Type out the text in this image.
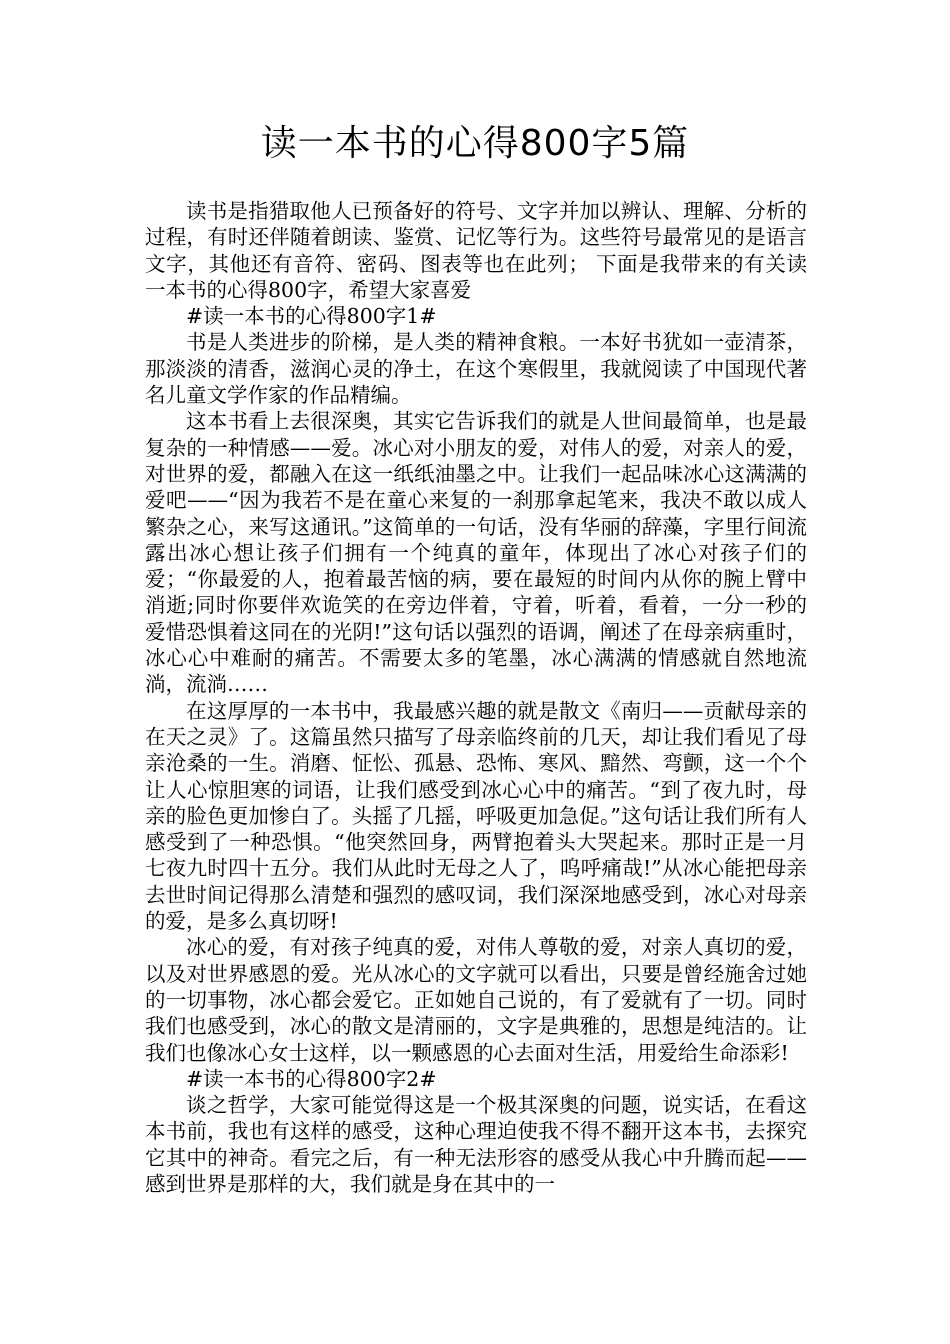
读一本书的心得800字5篇

读书是指猎取他人已预备好的符号、文字并加以辨认、理解、分析的过程，有时还伴随着朗读、鉴赏、记忆等行为。这些符号最常见的是语言文字，其他还有音符、密码、图表等也在此列； 下面是我带来的有关读一本书的心得800字，希望大家喜爱

#读一本书的心得800字1#

书是人类进步的阶梯，是人类的精神食粮。一本好书犹如一壶清茶，那淡淡的清香，滋润心灵的净土，在这个寒假里，我就阅读了中国现代著名儿童文学作家的作品精编。

这本书看上去很深奥，其实它告诉我们的就是人世间最简单，也是最复杂的一种情感——爱。冰心对小朋友的爱，对伟人的爱，对亲人的爱，对世界的爱，都融入在这一纸纸油墨之中。让我们一起品味冰心这满满的爱吧——“因为我若不是在童心来复的一刹那拿起笔来，我决不敢以成人繁杂之心，来写这通讯。”这简单的一句话，没有华丽的辞藻，字里行间流露出冰心想让孩子们拥有一个纯真的童年，体现出了冰心对孩子们的爱；“你最爱的人，抱着最苦恼的病，要在最短的时间内从你的腕上臂中消逝;同时你要伴欢诡笑的在旁边伴着，守着，听着，看着，一分一秒的爱惜恐惧着这同在的光阴!”这句话以强烈的语调，阐述了在母亲病重时，冰心心中难耐的痛苦。不需要太多的笔墨，冰心满满的情感就自然地流淌，流淌……

在这厚厚的一本书中，我最感兴趣的就是散文《南归——贡献母亲的在天之灵》了。这篇虽然只描写了母亲临终前的几天，却让我们看见了母亲沧桑的一生。消磨、怔忪、孤悬、恐怖、寒风、黯然、弯颤，这一个个让人心惊胆寒的词语，让我们感受到冰心心中的痛苦。“到了夜九时，母亲的脸色更加惨白了。头摇了几摇，呼吸更加急促。”这句话让我们所有人感受到了一种恐惧。“他突然回身，两臂抱着头大哭起来。那时正是一月七夜九时四十五分。我们从此时无母之人了，呜呼痛哉!”从冰心能把母亲去世时间记得那么清楚和强烈的感叹词，我们深深地感受到，冰心对母亲的爱，是多么真切呀!

冰心的爱，有对孩子纯真的爱，对伟人尊敬的爱，对亲人真切的爱，以及对世界感恩的爱。光从冰心的文字就可以看出，只要是曾经施舍过她的一切事物，冰心都会爱它。正如她自己说的，有了爱就有了一切。同时我们也感受到，冰心的散文是清丽的，文字是典雅的，思想是纯洁的。让我们也像冰心女士这样，以一颗感恩的心去面对生活，用爱给生命添彩!

#读一本书的心得800字2#

谈之哲学，大家可能觉得这是一个极其深奥的问题，说实话，在看这本书前，我也有这样的感受，这种心理迫使我不得不翻开这本书，去探究它其中的神奇。看完之后，有一种无法形容的感受从我心中升腾而起——感到世界是那样的大，我们就是身在其中的一
